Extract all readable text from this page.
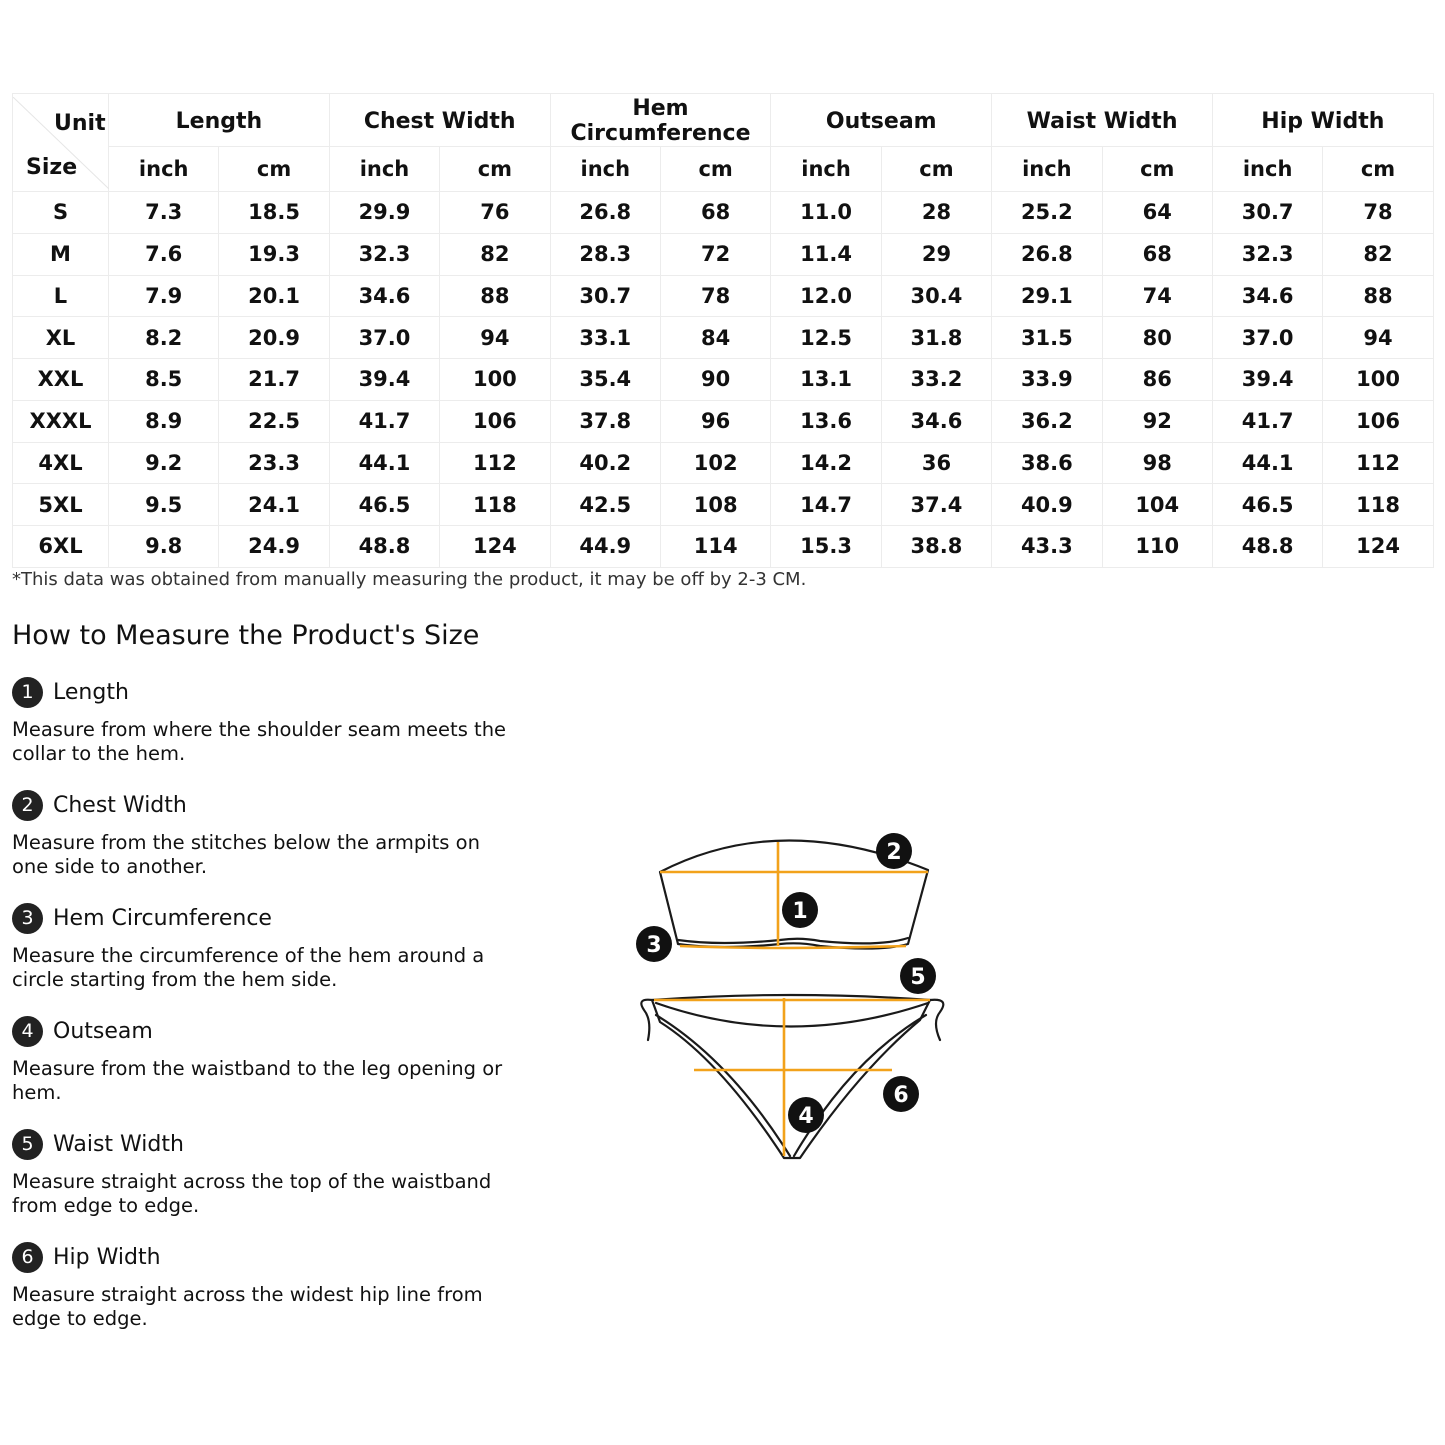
Unit
Size	Length		Chest Width		Hem Circumference		Outseam		Waist Width		Hip Width	
	inch	cm	inch	cm	inch	cm	inch	cm	inch	cm	inch	cm
S	7.3	18.5	29.9	76	26.8	68	11.0	28	25.2	64	30.7	78
M	7.6	19.3	32.3	82	28.3	72	11.4	29	26.8	68	32.3	82
L	7.9	20.1	34.6	88	30.7	78	12.0	30.4	29.1	74	34.6	88
XL	8.2	20.9	37.0	94	33.1	84	12.5	31.8	31.5	80	37.0	94
XXL	8.5	21.7	39.4	100	35.4	90	13.1	33.2	33.9	86	39.4	100
XXXL	8.9	22.5	41.7	106	37.8	96	13.6	34.6	36.2	92	41.7	106
4XL	9.2	23.3	44.1	112	40.2	102	14.2	36	38.6	98	44.1	112
5XL	9.5	24.1	46.5	118	42.5	108	14.7	37.4	40.9	104	46.5	118
6XL	9.8	24.9	48.8	124	44.9	114	15.3	38.8	43.3	110	48.8	124
*This data was obtained from manually measuring the product, it may be off by 2-3 CM.
How to Measure the Product's Size
1 Length
Measure from where the shoulder seam meets the collar to the hem.
2 Chest Width
Measure from the stitches below the armpits on one side to another.
3 Hem Circumference
Measure the circumference of the hem around a circle starting from the hem side.
4 Outseam
Measure from the waistband to the leg opening or hem.
5 Waist Width
Measure straight across the top of the waistband from edge to edge.
6 Hip Width
Measure straight across the widest hip line from edge to edge.
1
2
3
4
5
6
